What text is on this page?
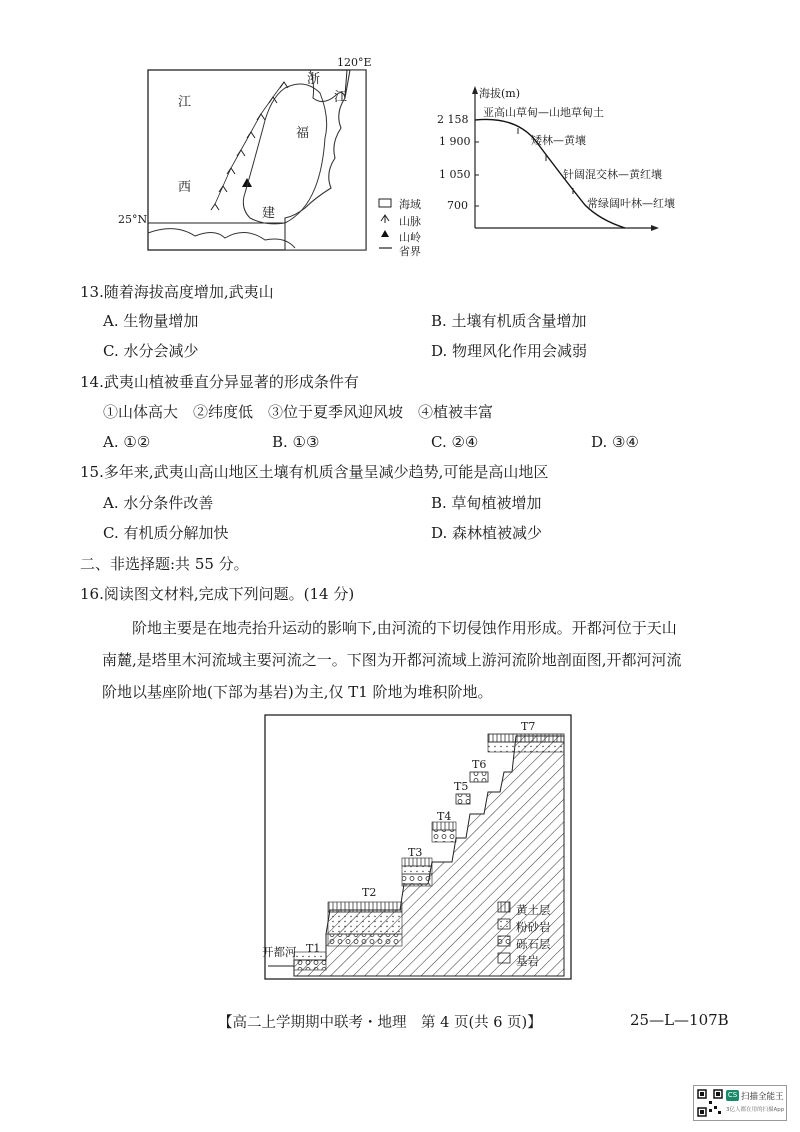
120°E
25°N
浙
江
江
西
福
建
海域
山脉
山岭
省界
海拔(m)
2 158
1 900
1 050
700
亚高山草甸—山地草甸土
矮林—黄壤
针阔混交林—黄红壤
常绿阔叶林—红壤
13.随着海拔高度增加,武夷山
A. 生物量增加	B. 土壤有机质含量增加
C. 水分会减少	D. 物理风化作用会减弱
14.武夷山植被垂直分异显著的形成条件有
①山体高大　②纬度低　③位于夏季风迎风坡　④植被丰富
A. ①②	B. ①③	C. ②④	D. ③④
15.多年来,武夷山高山地区土壤有机质含量呈减少趋势,可能是高山地区
A. 水分条件改善	B. 草甸植被增加
C. 有机质分解加快	D. 森林植被减少
二、非选择题:共 55 分。
16.阅读图文材料,完成下列问题。(14 分)
阶地主要是在地壳抬升运动的影响下,由河流的下切侵蚀作用形成。开都河位于天山
南麓,是塔里木河流域主要河流之一。下图为开都河流域上游河流阶地剖面图,开都河河流
阶地以基座阶地(下部为基岩)为主,仅 T1 阶地为堆积阶地。
开都河 T1
T2
T3
T4
T5
T6
T7
黄土层
粉砂岩
砾石层
基岩
【高二上学期期中联考・地理　第 4 页(共 6 页)】	25—L—107B
CS 扫描全能王
3亿人都在用的扫描App
